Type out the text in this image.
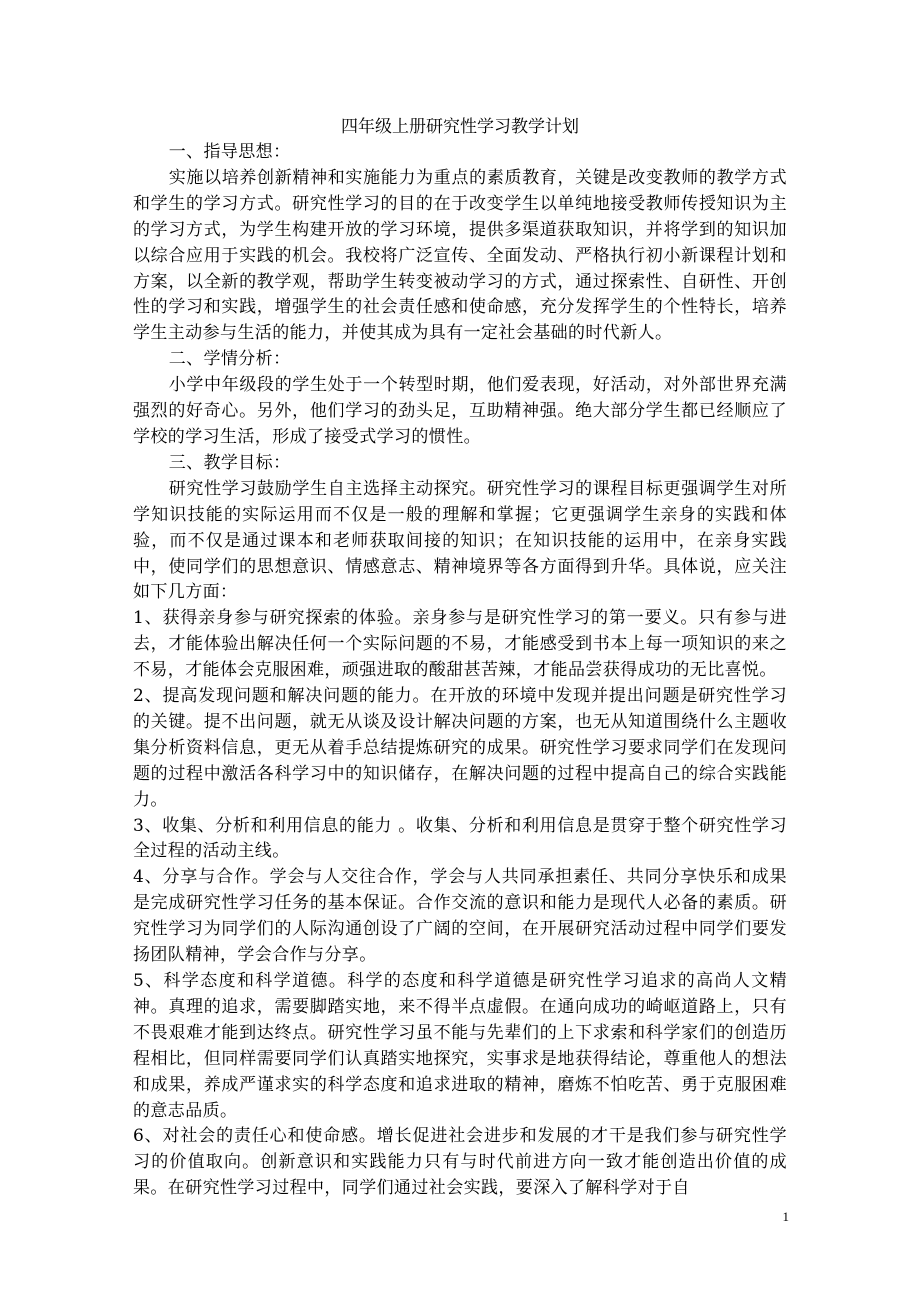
四年级上册研究性学习教学计划

一、指导思想：

实施以培养创新精神和实施能力为重点的素质教育，关键是改变教师的教学方式和学生的学习方式。研究性学习的目的在于改变学生以单纯地接受教师传授知识为主的学习方式，为学生构建开放的学习环境，提供多渠道获取知识，并将学到的知识加以综合应用于实践的机会。我校将广泛宣传、全面发动、严格执行初小新课程计划和方案，以全新的教学观，帮助学生转变被动学习的方式，通过探索性、自研性、开创性的学习和实践，增强学生的社会责任感和使命感，充分发挥学生的个性特长，培养学生主动参与生活的能力，并使其成为具有一定社会基础的时代新人。

二、学情分析：

小学中年级段的学生处于一个转型时期，他们爱表现，好活动，对外部世界充满强烈的好奇心。另外，他们学习的劲头足，互助精神强。绝大部分学生都已经顺应了学校的学习生活，形成了接受式学习的惯性。

三、教学目标：

研究性学习鼓励学生自主选择主动探究。研究性学习的课程目标更强调学生对所学知识技能的实际运用而不仅是一般的理解和掌握；它更强调学生亲身的实践和体验，而不仅是通过课本和老师获取间接的知识；在知识技能的运用中，在亲身实践中，使同学们的思想意识、情感意志、精神境界等各方面得到升华。具体说，应关注如下几方面：

1、获得亲身参与研究探索的体验。亲身参与是研究性学习的第一要义。只有参与进去，才能体验出解决任何一个实际问题的不易，才能感受到书本上每一项知识的来之不易，才能体会克服困难，顽强进取的酸甜甚苦辣，才能品尝获得成功的无比喜悦。

2、提高发现问题和解决问题的能力。在开放的环境中发现并提出问题是研究性学习的关键。提不出问题，就无从谈及设计解决问题的方案，也无从知道围绕什么主题收集分析资料信息，更无从着手总结提炼研究的成果。研究性学习要求同学们在发现问题的过程中激活各科学习中的知识储存，在解决问题的过程中提高自己的综合实践能力。

3、收集、分析和利用信息的能力 。收集、分析和利用信息是贯穿于整个研究性学习全过程的活动主线。

4、分享与合作。学会与人交往合作，学会与人共同承担素任、共同分享快乐和成果是完成研究性学习任务的基本保证。合作交流的意识和能力是现代人必备的素质。研究性学习为同学们的人际沟通创设了广阔的空间，在开展研究活动过程中同学们要发扬团队精神，学会合作与分享。

5、科学态度和科学道德。科学的态度和科学道德是研究性学习追求的高尚人文精神。真理的追求，需要脚踏实地，来不得半点虚假。在通向成功的崎岖道路上，只有不畏艰难才能到达终点。研究性学习虽不能与先辈们的上下求索和科学家们的创造历程相比，但同样需要同学们认真踏实地探究，实事求是地获得结论，尊重他人的想法和成果，养成严谨求实的科学态度和追求进取的精神，磨炼不怕吃苦、勇于克服困难的意志品质。

6、对社会的责任心和使命感。增长促进社会进步和发展的才干是我们参与研究性学习的价值取向。创新意识和实践能力只有与时代前进方向一致才能创造出价值的成果。在研究性学习过程中，同学们通过社会实践，要深入了解科学对于自

1
